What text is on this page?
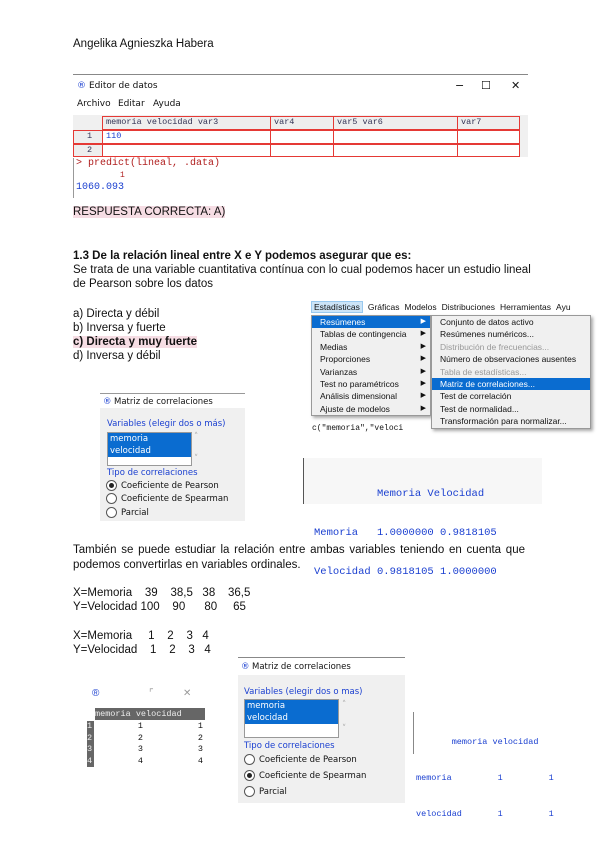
Angelika Agnieszka Habera
® Editor de datos	− ☐ ✕
Archivo Editar Ayuda
memoria velocidad var3	var4	var5 var6	var7
1	110
2
> predict(lineal, .data)
1
1060.093
RESPUESTA CORRECTA: A)
1.3 De la relación lineal entre X e Y podemos asegurar que es:
Se trata de una variable cuantitativa contínua con lo cual podemos hacer un estudio lineal
de Pearson sobre los datos
a) Directa y débil
b) Inversa y fuerte
c) Directa y muy fuerte
d) Inversa y débil
Estadísticas Gráficas Modelos Distribuciones Herramientas Ayu
Resúmenes	▶
Tablas de contingencia ▶
Medias	▶
Proporciones	▶
Varianzas	▶
Test no paramétricos	▶
Análisis dimensional	▶
Ajuste de modelos	▶
c("memoria","veloci
Conjunto de datos activo
Resúmenes numéricos...
Distribución de frecuencias...
Número de observaciones ausentes
Tabla de estadísticas...
Matriz de correlaciones...
Test de correlación
Test de normalidad...
Transformación para normalizar...
® Matriz de correlaciones
Variables (elegir dos o más)
memoria
velocidad
˄
˅
Tipo de correlaciones
Coeficiente de Pearson
Coeficiente de Spearman
Parcial

Memoria Velocidad

Memoria   1.0000000 0.9818105

Velocidad 0.9818105 1.0000000

También se puede estudiar la relación entre ambas variables teniendo en cuenta que podemos convertirlas en variables ordinales.
X=Memoria    39    38,5   38    36,5
Y=Velocidad 100    90      80     65
X=Memoria     1    2    3   4
Y=Velocidad    1    2    3   4
®	⌜	✕
memoria velocidad
1	1	1
2	2	2
3	3	3
4	4	4
® Matriz de correlaciones
Variables (elegir dos o mas)
memoria
velocidad
˄
˅
Tipo de correlaciones
Coeficiente de Pearson
Coeficiente de Spearman
Parcial

memoria velocidad

memoria         1         1

velocidad       1         1
